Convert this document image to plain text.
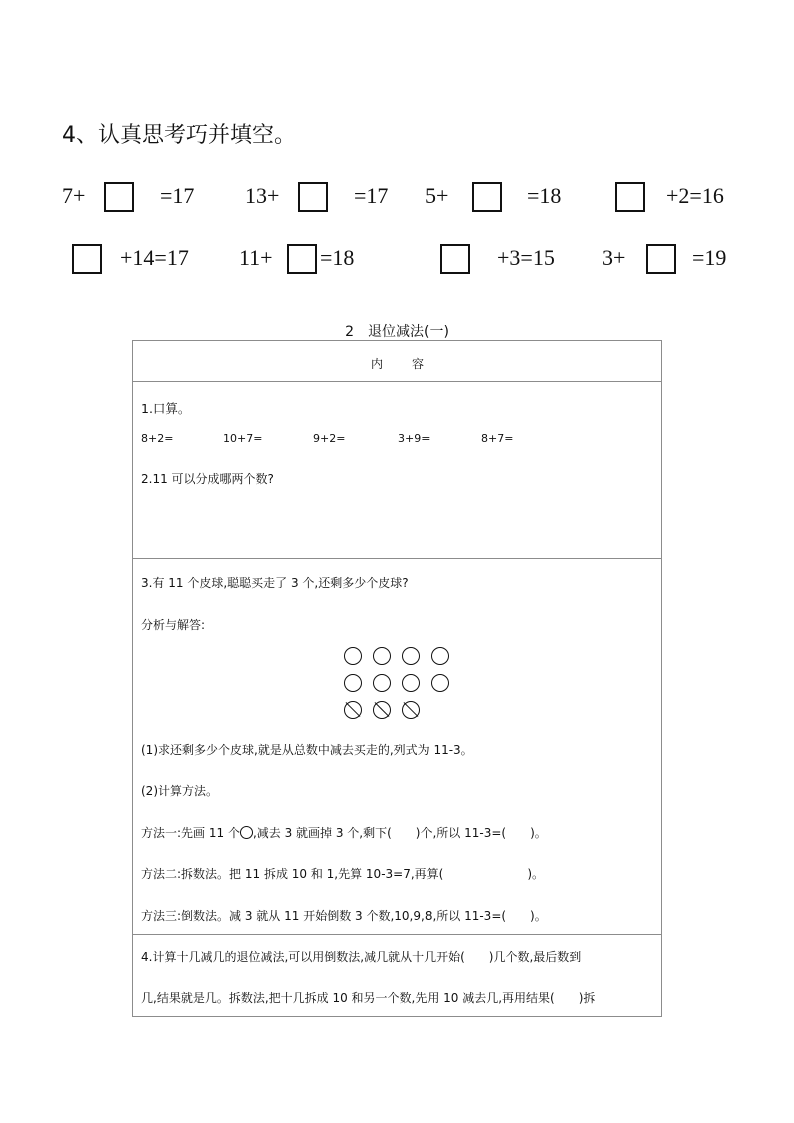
4、认真思考巧并填空。
7+	=17 13+	=17 5+	=18	+2=16
+14=17 11+ =18	+3=15 3+	=19
2　退位减法(一)
内 容
1.口算。
8+2=	10+7=	9+2=	3+9=	8+7=
2.11 可以分成哪两个数?
3.有 11 个皮球,聪聪买走了 3 个,还剩多少个皮球?
分析与解答:
(1)求还剩多少个皮球,就是从总数中减去买走的,列式为 11-3。
(2)计算方法。
方法一:先画 11 个 ,减去 3 就画掉 3 个,剩下(　　)个,所以 11-3=(　　)。
方法二:拆数法。把 11 拆成 10 和 1,先算 10-3=7,再算(　　　　　　　)。
方法三:倒数法。减 3 就从 11 开始倒数 3 个数,10,9,8,所以 11-3=(　　)。
4.计算十几减几的退位减法,可以用倒数法,减几就从十几开始(　　)几个数,最后数到
几,结果就是几。拆数法,把十几拆成 10 和另一个数,先用 10 减去几,再用结果(　　)拆
